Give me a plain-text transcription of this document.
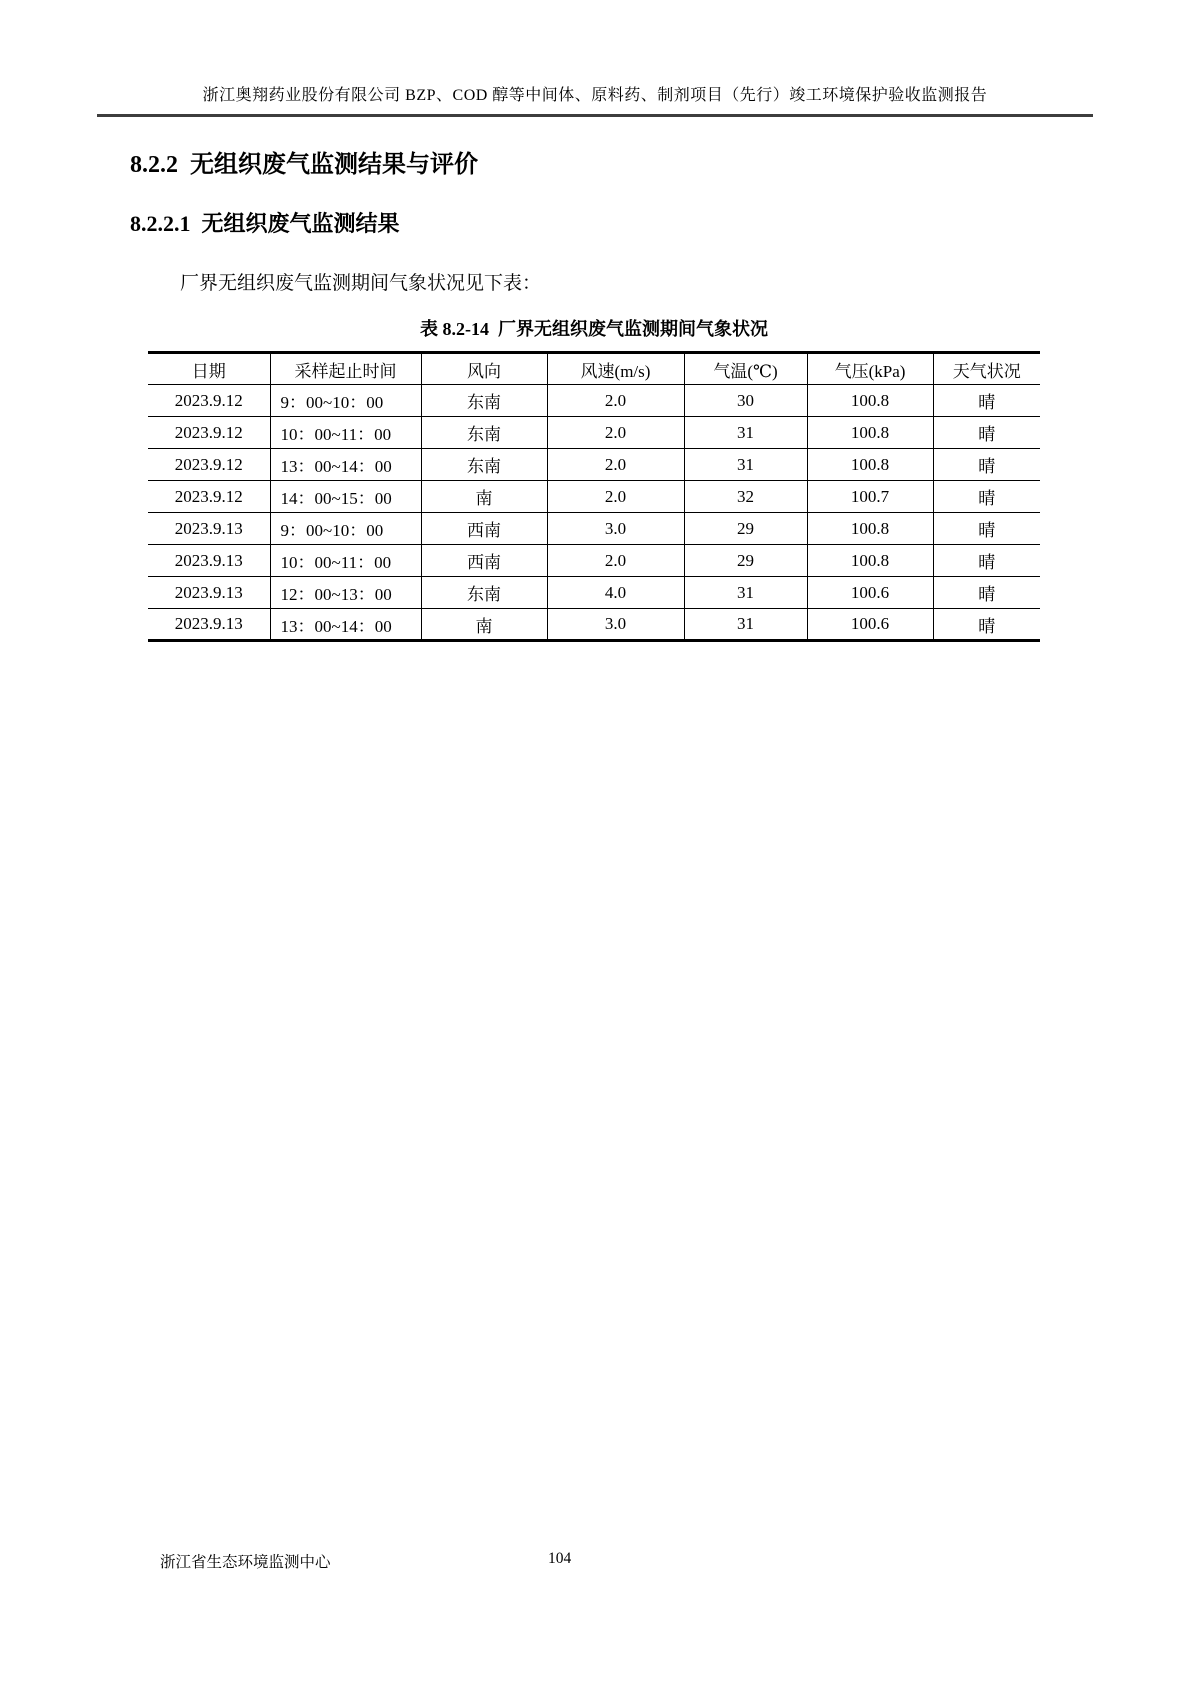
浙江奥翔药业股份有限公司 BZP、COD 醇等中间体、原料药、制剂项目（先行）竣工环境保护验收监测报告
8.2.2  无组织废气监测结果与评价
8.2.2.1  无组织废气监测结果
厂界无组织废气监测期间气象状况见下表：
表 8.2-14  厂界无组织废气监测期间气象状况
日期	采样起止时间	风向	风速(m/s)	气温(℃)	气压(kPa)	天气状况
2023.9.12	9：00~10：00	东南	2.0	30	100.8	晴
2023.9.12	10：00~11：00	东南	2.0	31	100.8	晴
2023.9.12	13：00~14：00	东南	2.0	31	100.8	晴
2023.9.12	14：00~15：00	南	2.0	32	100.7	晴
2023.9.13	9：00~10：00	西南	3.0	29	100.8	晴
2023.9.13	10：00~11：00	西南	2.0	29	100.8	晴
2023.9.13	12：00~13：00	东南	4.0	31	100.6	晴
2023.9.13	13：00~14：00	南	3.0	31	100.6	晴
浙江省生态环境监测中心	104
